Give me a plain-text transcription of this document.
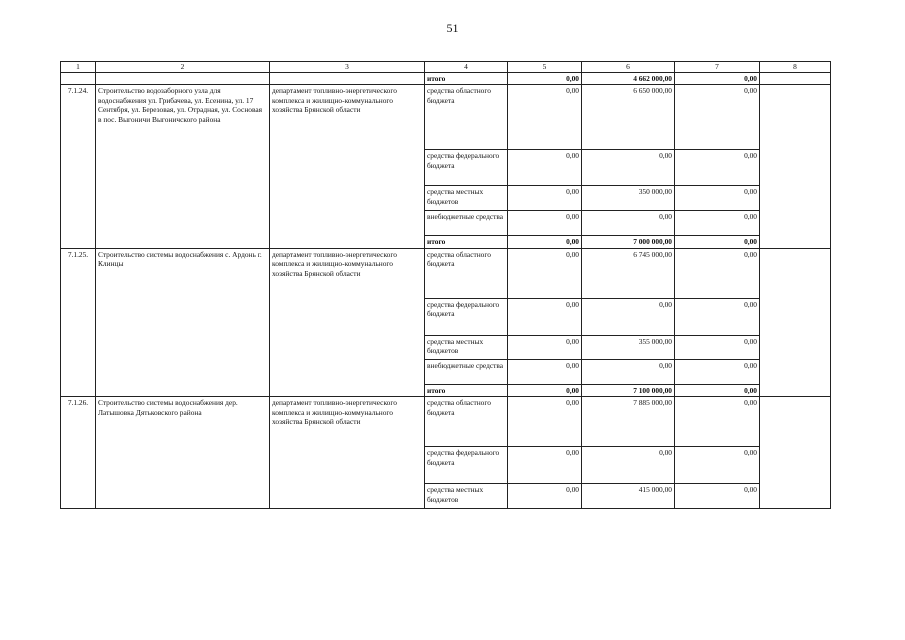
51
1	2	3	4	5	6	7	8
			итого	0,00	4 662 000,00	0,00	
7.1.24.	Строительство водозаборного узла для водоснабжения ул. Грибачева, ул. Есенина, ул. 17 Сентября, ул. Березовая, ул. Отрадная, ул. Сосновая в пос. Выгоничи Выгоничского района	департамент топливно-энергетического комплекса и жилищно-коммунального хозяйства Брянской области	средства областного бюджета	0,00	6 650 000,00	0,00	
			средства федерального бюджета	0,00	0,00	0,00	
			средства местных бюджетов	0,00	350 000,00	0,00	
			внебюджетные средства	0,00	0,00	0,00	
			итого	0,00	7 000 000,00	0,00	
7.1.25.	Строительство системы водоснабжения с. Ардонь г. Клинцы	департамент топливно-энергетического комплекса и жилищно-коммунального хозяйства Брянской области	средства областного бюджета	0,00	6 745 000,00	0,00	
			средства федерального бюджета	0,00	0,00	0,00	
			средства местных бюджетов	0,00	355 000,00	0,00	
			внебюджетные средства	0,00	0,00	0,00	
			итого	0,00	7 100 000,00	0,00	
7.1.26.	Строительство системы водоснабжения дер. Латышовка Дятьковского района	департамент топливно-энергетического комплекса и жилищно-коммунального хозяйства Брянской области	средства областного бюджета	0,00	7 885 000,00	0,00	
			средства федерального бюджета	0,00	0,00	0,00	
			средства местных бюджетов	0,00	415 000,00	0,00	
